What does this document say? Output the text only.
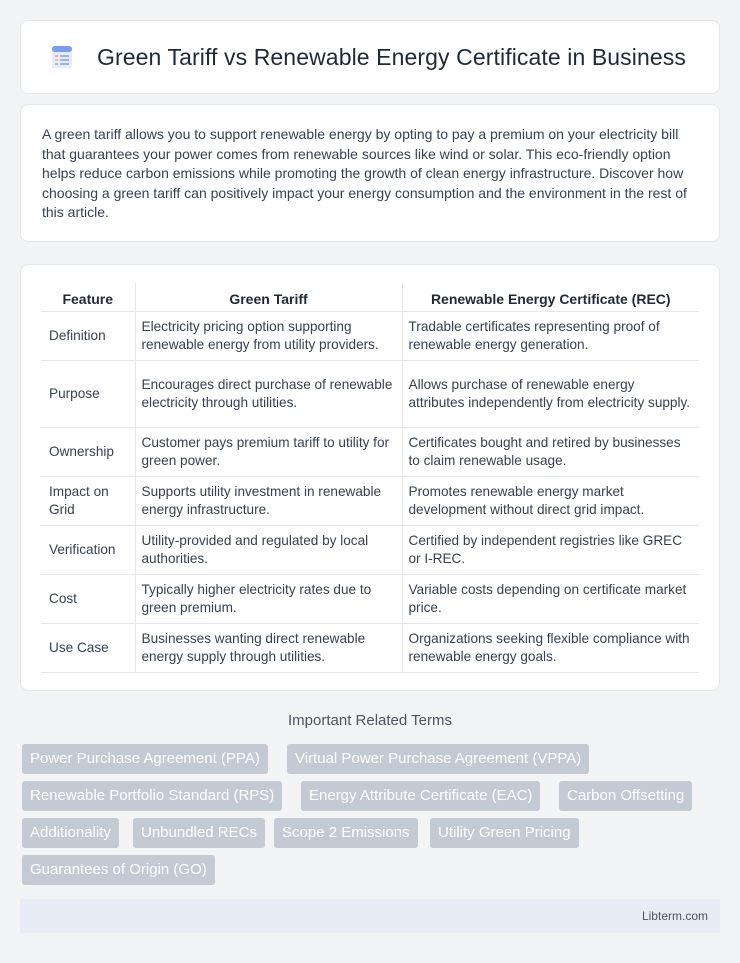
Green Tariff vs Renewable Energy Certificate in Business

A green tariff allows you to support renewable energy by opting to pay a premium on your electricity bill that guarantees your power comes from renewable sources like wind or solar. This eco-friendly option helps reduce carbon emissions while promoting the growth of clean energy infrastructure. Discover how choosing a green tariff can positively impact your energy consumption and the environment in the rest of this article.

Feature	Green Tariff	Renewable Energy Certificate (REC)
Definition	Electricity pricing option supporting renewable energy from utility providers.	Tradable certificates representing proof of renewable energy generation.
Purpose	Encourages direct purchase of renewable electricity through utilities.	Allows purchase of renewable energy attributes independently from electricity supply.
Ownership	Customer pays premium tariff to utility for green power.	Certificates bought and retired by businesses to claim renewable usage.
Impact on Grid	Supports utility investment in renewable energy infrastructure.	Promotes renewable energy market development without direct grid impact.
Verification	Utility-provided and regulated by local authorities.	Certified by independent registries like GREC or I-REC.
Cost	Typically higher electricity rates due to green premium.	Variable costs depending on certificate market price.
Use Case	Businesses wanting direct renewable energy supply through utilities.	Organizations seeking flexible compliance with renewable energy goals.
Important Related Terms
Power Purchase Agreement (PPA)	Virtual Power Purchase Agreement (VPPA)
Renewable Portfolio Standard (RPS)	Energy Attribute Certificate (EAC)	Carbon Offsetting
Additionality	Unbundled RECs	Scope 2 Emissions	Utility Green Pricing
Guarantees of Origin (GO)
Libterm.com
